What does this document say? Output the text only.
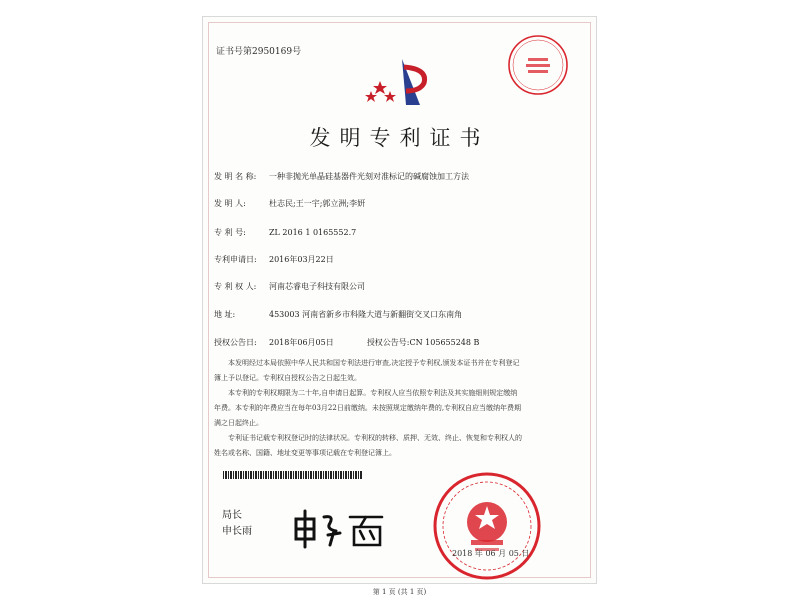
证书号第2950169号
发明专利证书
发 明 名 称: 一种非抛光单晶硅基器件光刻对准标记的碱腐蚀加工方法
发 明 人:	杜志民;王一宇;郭立洲;李妍
专 利 号:	ZL 2016 1 0165552.7
专利申请日: 2016年03月22日
专 利 权 人: 河南芯睿电子科技有限公司
地 址:	453003 河南省新乡市科隆大道与新翻街交叉口东南角
授权公告日: 2018年06月05日	授权公告号:CN 105655248 B
本发明经过本局依照中华人民共和国专利法进行审查,决定授予专利权,颁发本证书并在专利登记簿上予以登记。专利权自授权公告之日起生效。
本专利的专利权期限为二十年,自申请日起算。专利权人应当依照专利法及其实施细则规定缴纳年费。本专利的年费应当在每年03月22日前缴纳。未按照规定缴纳年费的,专利权自应当缴纳年费期满之日起终止。
专利证书记载专利权登记时的法律状况。专利权的转移、质押、无效、终止、恢复和专利权人的姓名或名称、国籍、地址变更等事项记载在专利登记簿上。
局长
申长雨
2018 年 06 月 05 日
第 1 页 (共 1 页)
